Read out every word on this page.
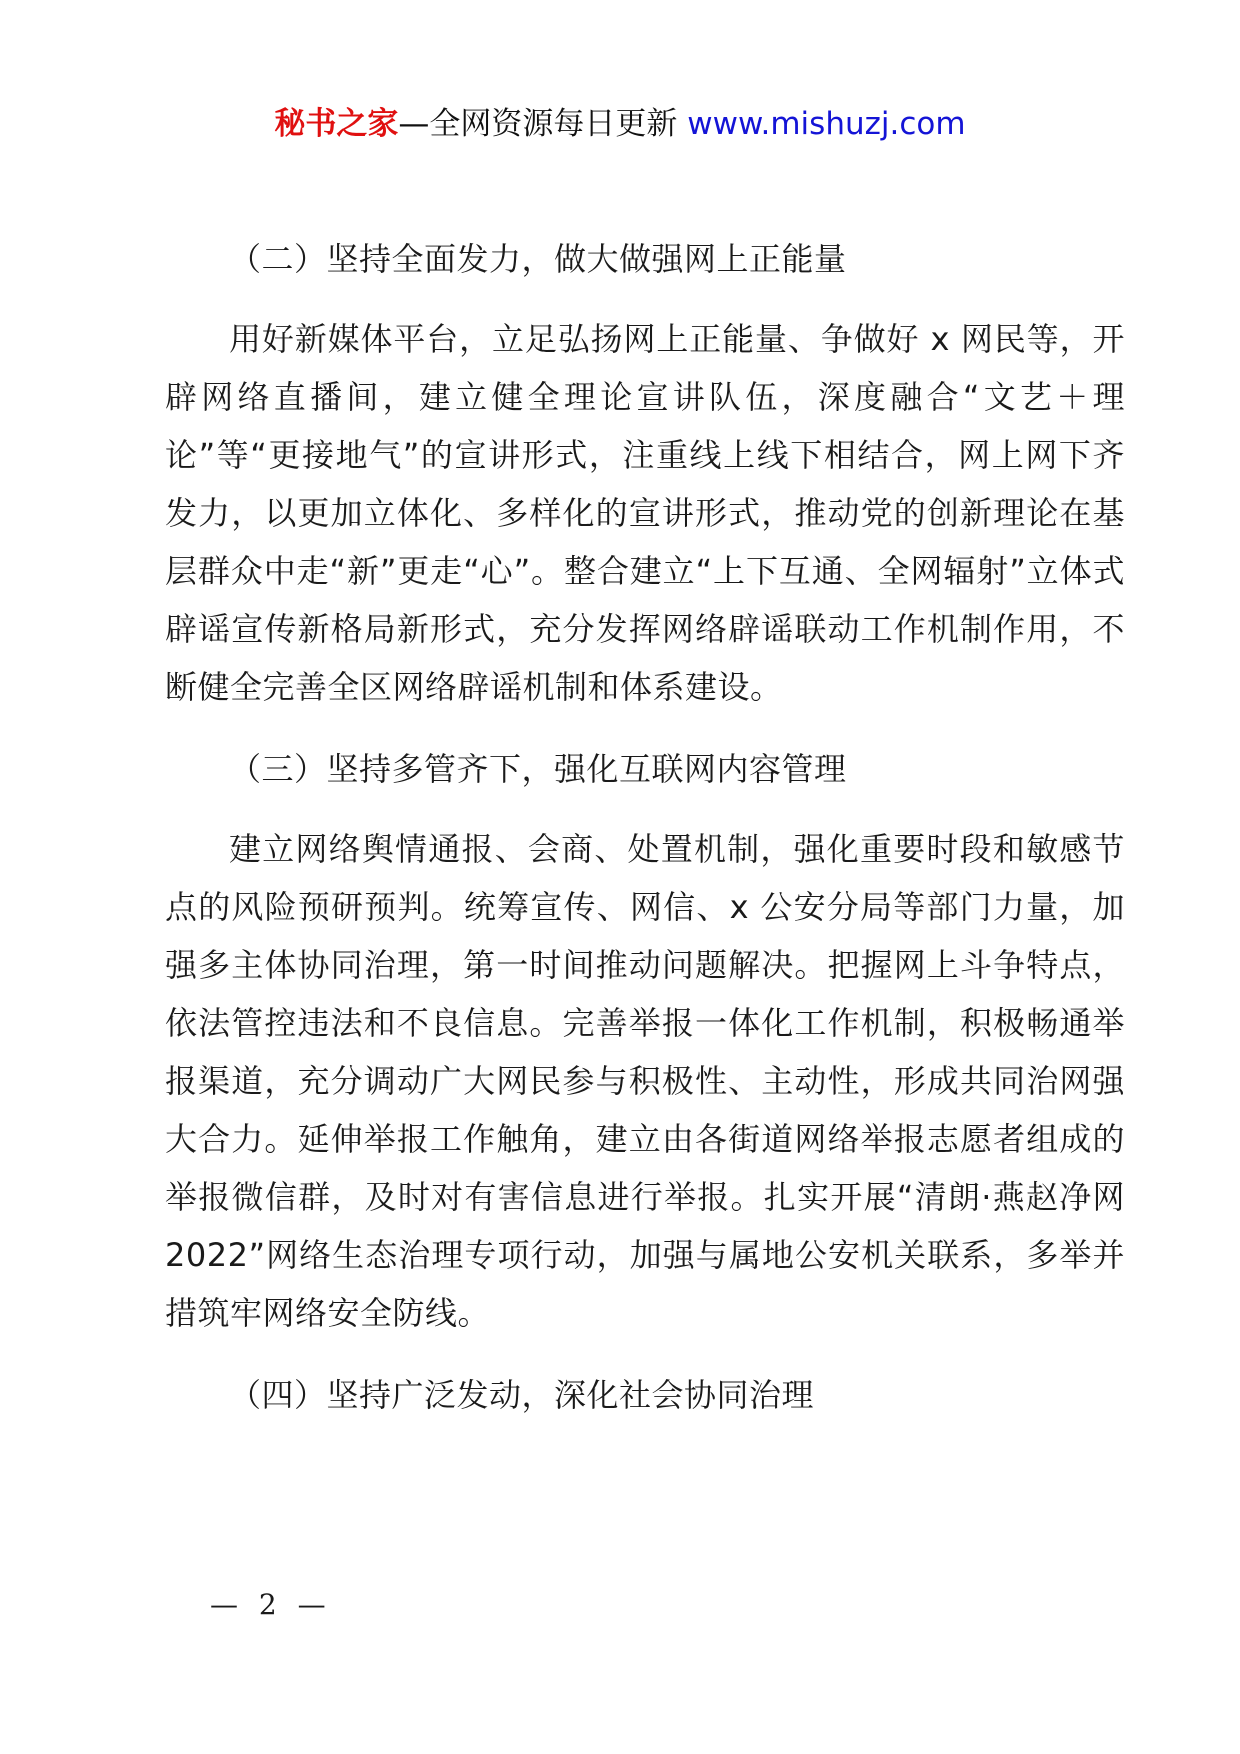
秘书之家—全网资源每日更新 www.mishuzj.com

（二）坚持全面发力，做大做强网上正能量

用好新媒体平台，立足弘扬网上正能量、争做好 x 网民等，开辟网络直播间，建立健全理论宣讲队伍，深度融合“文艺＋理论”等“更接地气”的宣讲形式，注重线上线下相结合，网上网下齐发力，以更加立体化、多样化的宣讲形式，推动党的创新理论在基层群众中走“新”更走“心”。整合建立“上下互通、全网辐射”立体式辟谣宣传新格局新形式，充分发挥网络辟谣联动工作机制作用，不断健全完善全区网络辟谣机制和体系建设。

（三）坚持多管齐下，强化互联网内容管理

建立网络舆情通报、会商、处置机制，强化重要时段和敏感节点的风险预研预判。统筹宣传、网信、x 公安分局等部门力量，加强多主体协同治理，第一时间推动问题解决。把握网上斗争特点，依法管控违法和不良信息。完善举报一体化工作机制，积极畅通举报渠道，充分调动广大网民参与积极性、主动性，形成共同治网强大合力。延伸举报工作触角，建立由各街道网络举报志愿者组成的举报微信群，及时对有害信息进行举报。扎实开展“清朗·燕赵净网 2022”网络生态治理专项行动，加强与属地公安机关联系，多举并措筑牢网络安全防线。

（四）坚持广泛发动，深化社会协同治理

— 2 —
